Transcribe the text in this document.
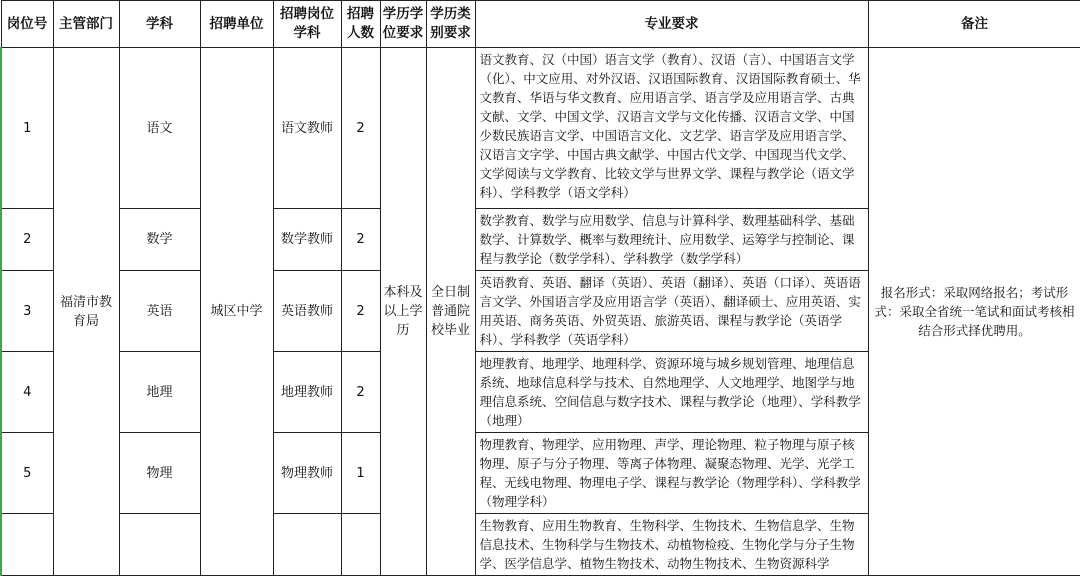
岗位号	主管部门	学科	招聘单位	招聘岗位学科	招聘人数	学历学位要求	学历类别要求	专业要求	备注
1	福清市教育局	语文	城区中学	语文教师	2	本科及以上学历	全日制普通院校毕业	语文教育、汉（中国）语言文学（教育）、汉语（言）、中国语言文学（化）、中文应用、对外汉语、汉语国际教育、汉语国际教育硕士、华文教育、华语与华文教育、应用语言学、语言学及应用语言学、古典文献、文学、中国文学、汉语言文学与文化传播、汉语言文学、中国少数民族语言文学、中国语言文化、文艺学、语言学及应用语言学、汉语言文字学、中国古典文献学、中国古代文学、中国现当代文学、文学阅读与文学教育、比较文学与世界文学、课程与教学论（语文学科）、学科教学（语文学科）	报名形式：采取网络报名；考试形式：采取全省统一笔试和面试考核相结合形式择优聘用。
2		数学		数学教师	2			数学教育、数学与应用数学、信息与计算科学、数理基础科学、基础数学、计算数学、概率与数理统计、应用数学、运筹学与控制论、课程与教学论（数学学科）、学科教学（数学学科）	
3		英语		英语教师	2			英语教育、英语、翻译（英语）、英语（翻译）、英语（口译）、英语语言文学、外国语言学及应用语言学（英语）、翻译硕士、应用英语、实用英语、商务英语、外贸英语、旅游英语、课程与教学论（英语学科）、学科教学（英语学科）	
4		地理		地理教师	2			地理教育、地理学、地理科学、资源环境与城乡规划管理、地理信息系统、地球信息科学与技术、自然地理学、人文地理学、地图学与地理信息系统、空间信息与数字技术、课程与教学论（地理）、学科教学（地理）	
5		物理		物理教师	1			物理教育、物理学、应用物理、声学、理论物理、粒子物理与原子核物理、原子与分子物理、等离子体物理、凝聚态物理、光学、光学工程、无线电物理、物理电子学、课程与教学论（物理学科）、学科教学（物理学科）	
								生物教育、应用生物教育、生物科学、生物技术、生物信息学、生物信息技术、生物科学与生物技术、动植物检疫、生物化学与分子生物学、医学信息学、植物生物技术、动物生物技术、生物资源科学	
